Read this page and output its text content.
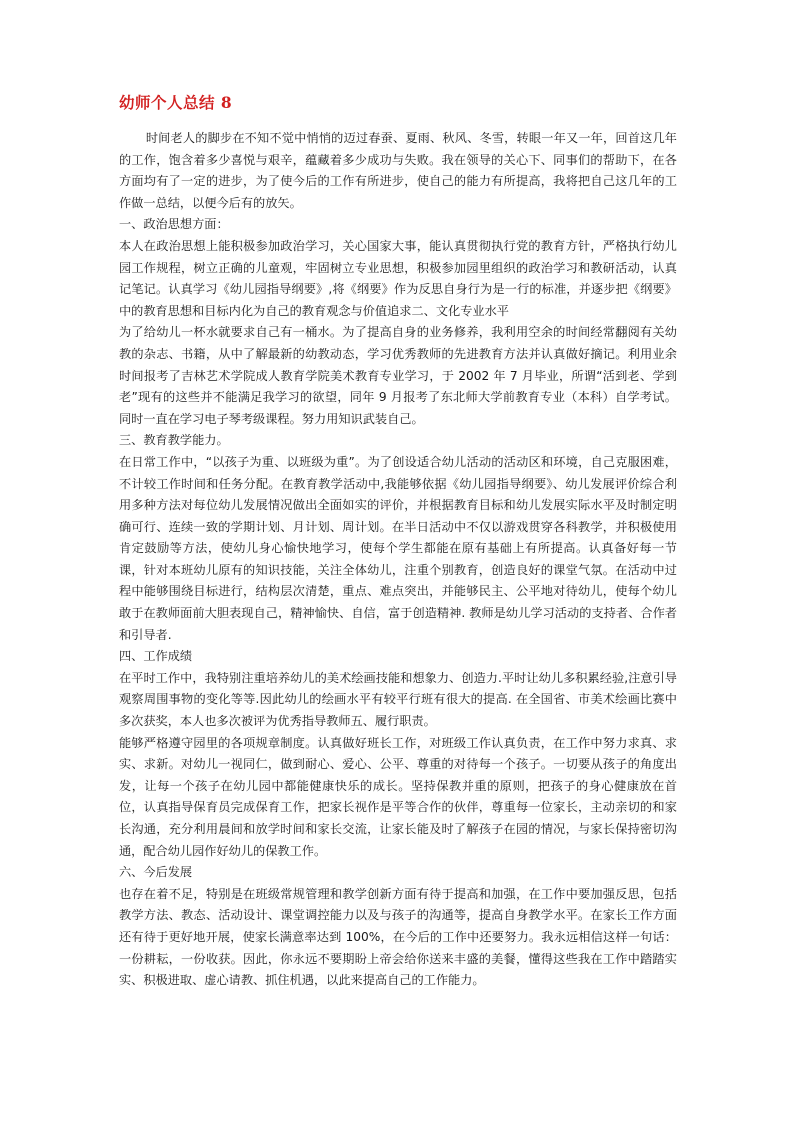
幼师个人总结 8

时间老人的脚步在不知不觉中悄悄的迈过春蚕、夏雨、秋风、冬雪，转眼一年又一年，回首这几年的工作，饱含着多少喜悦与艰辛，蕴藏着多少成功与失败。我在领导的关心下、同事们的帮助下，在各方面均有了一定的进步，为了使今后的工作有所进步，使自己的能力有所提高，我将把自己这几年的工作做一总结，以便今后有的放矢。

一、政治思想方面：

本人在政治思想上能积极参加政治学习，关心国家大事，能认真贯彻执行党的教育方针，严格执行幼儿园工作规程，树立正确的儿童观，牢固树立专业思想，积极参加园里组织的政治学习和教研活动，认真记笔记。认真学习《幼儿园指导纲要》,将《纲要》作为反思自身行为是一行的标准，并逐步把《纲要》中的教育思想和目标内化为自己的教育观念与价值追求二、文化专业水平

为了给幼儿一杯水就要求自己有一桶水。为了提高自身的业务修养，我利用空余的时间经常翻阅有关幼教的杂志、书籍，从中了解最新的幼教动态，学习优秀教师的先进教育方法并认真做好摘记。利用业余时间报考了吉林艺术学院成人教育学院美术教育专业学习，于 2002 年 7 月毕业，所谓“活到老、学到老”现有的这些并不能满足我学习的欲望，同年 9 月报考了东北师大学前教育专业（本科）自学考试。同时一直在学习电子琴考级课程。努力用知识武装自己。

三、教育教学能力。

在日常工作中，“以孩子为重、以班级为重”。为了创设适合幼儿活动的活动区和环境，自己克服困难，不计较工作时间和任务分配。在教育教学活动中,我能够依据《幼儿园指导纲要》、幼儿发展评价综合利用多种方法对每位幼儿发展情况做出全面如实的评价，并根据教育目标和幼儿发展实际水平及时制定明确可行、连续一致的学期计划、月计划、周计划。在半日活动中不仅以游戏贯穿各科教学，并积极使用肯定鼓励等方法，使幼儿身心愉快地学习，使每个学生都能在原有基础上有所提高。认真备好每一节课，针对本班幼儿原有的知识技能，关注全体幼儿，注重个别教育，创造良好的课堂气氛。在活动中过程中能够围绕目标进行，结构层次清楚，重点、难点突出，并能够民主、公平地对待幼儿，使每个幼儿敢于在教师面前大胆表现自己，精神愉快、自信，富于创造精神. 教师是幼儿学习活动的支持者、合作者和引导者.

四、工作成绩

在平时工作中，我特别注重培养幼儿的美术绘画技能和想象力、创造力.平时让幼儿多积累经验,注意引导观察周围事物的变化等等.因此幼儿的绘画水平有较平行班有很大的提高. 在全国省、市美术绘画比赛中多次获奖，本人也多次被评为优秀指导教师五、履行职责。

能够严格遵守园里的各项规章制度。认真做好班长工作，对班级工作认真负责，在工作中努力求真、求实、求新。对幼儿一视同仁，做到耐心、爱心、公平、尊重的对待每一个孩子。一切要从孩子的角度出发，让每一个孩子在幼儿园中都能健康快乐的成长。坚持保教并重的原则，把孩子的身心健康放在首位，认真指导保育员完成保育工作，把家长视作是平等合作的伙伴，尊重每一位家长，主动亲切的和家长沟通，充分利用晨间和放学时间和家长交流，让家长能及时了解孩子在园的情况，与家长保持密切沟通，配合幼儿园作好幼儿的保教工作。

六、今后发展

也存在着不足，特别是在班级常规管理和教学创新方面有待于提高和加强，在工作中要加强反思，包括教学方法、教态、活动设计、课堂调控能力以及与孩子的沟通等，提高自身教学水平。在家长工作方面还有待于更好地开展，使家长满意率达到 100%，在今后的工作中还要努力。我永远相信这样一句话：一份耕耘，一份收获。因此，你永远不要期盼上帝会给你送来丰盛的美餐，懂得这些我在工作中踏踏实实、积极进取、虚心请教、抓住机遇，以此来提高自己的工作能力。
